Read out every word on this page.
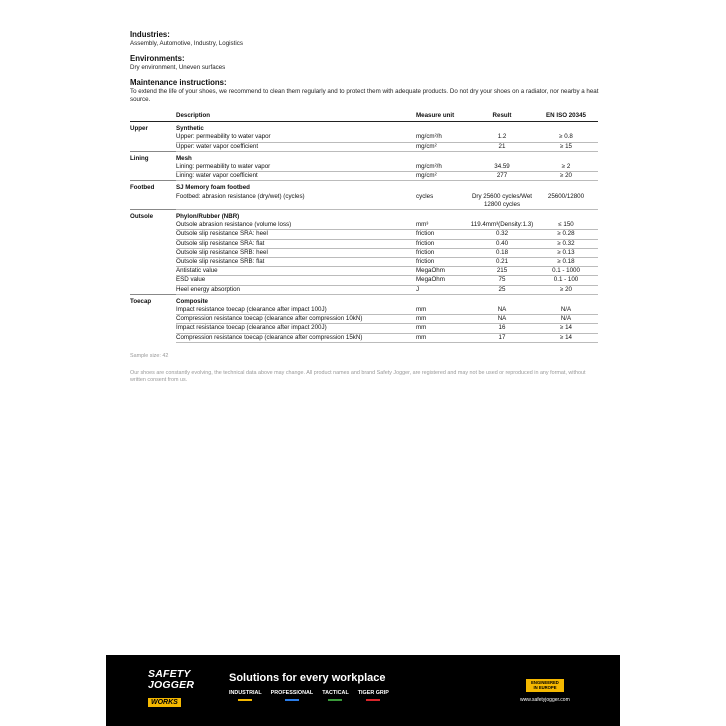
Industries:

Assembly, Automotive, Industry, Logistics

Environments:

Dry environment, Uneven surfaces

Maintenance instructions:

To extend the life of your shoes, we recommend to clean them regularly and to protect them with adequate products. Do not dry your shoes on a radiator, nor nearby a heat source.

	Description	Measure unit	Result	EN ISO 20345
Upper	Synthetic			
	Upper: permeability to water vapor	mg/cm²/h	1.2	≥ 0.8
	Upper: water vapor coefficient	mg/cm²	21	≥ 15
Lining	Mesh			
	Lining: permeability to water vapor	mg/cm²/h	34.59	≥ 2
	Lining: water vapor coefficient	mg/cm²	277	≥ 20
Footbed	SJ Memory foam footbed			
	Footbed: abrasion resistance (dry/wet) (cycles)	cycles	Dry 25600 cycles/Wet 12800 cycles	25600/12800
Outsole	Phylon/Rubber (NBR)			
	Outsole abrasion resistance (volume loss)	mm³	119.4mm³(Density:1.3)	≤ 150
	Outsole slip resistance SRA: heel	friction	0.32	≥ 0.28
	Outsole slip resistance SRA: flat	friction	0.40	≥ 0.32
	Outsole slip resistance SRB: heel	friction	0.18	≥ 0.13
	Outsole slip resistance SRB: flat	friction	0.21	≥ 0.18
	Antistatic value	MegaOhm	215	0.1 - 1000
	ESD value	MegaOhm	75	0.1 - 100
	Heel energy absorption	J	25	≥ 20
Toecap	Composite			
	Impact resistance toecap (clearance after impact 100J)	mm	NA	N/A
	Compression resistance toecap (clearance after compression 10kN)	mm	NA	N/A
	Impact resistance toecap (clearance after impact 200J)	mm	16	≥ 14
	Compression resistance toecap (clearance after compression 15kN)	mm	17	≥ 14
Sample size: 42
Our shoes are constantly evolving, the technical data above may change. All product names and brand Safety Jogger, are registered and may not be used or reproduced in any format, without written consent from us.
SAFETY
JOGGER
WORKS
Solutions for every workplace
INDUSTRIAL PROFESSIONAL TACTICAL TIGER GRIP
ENGINEERED
IN EUROPE
www.safetyjogger.com
